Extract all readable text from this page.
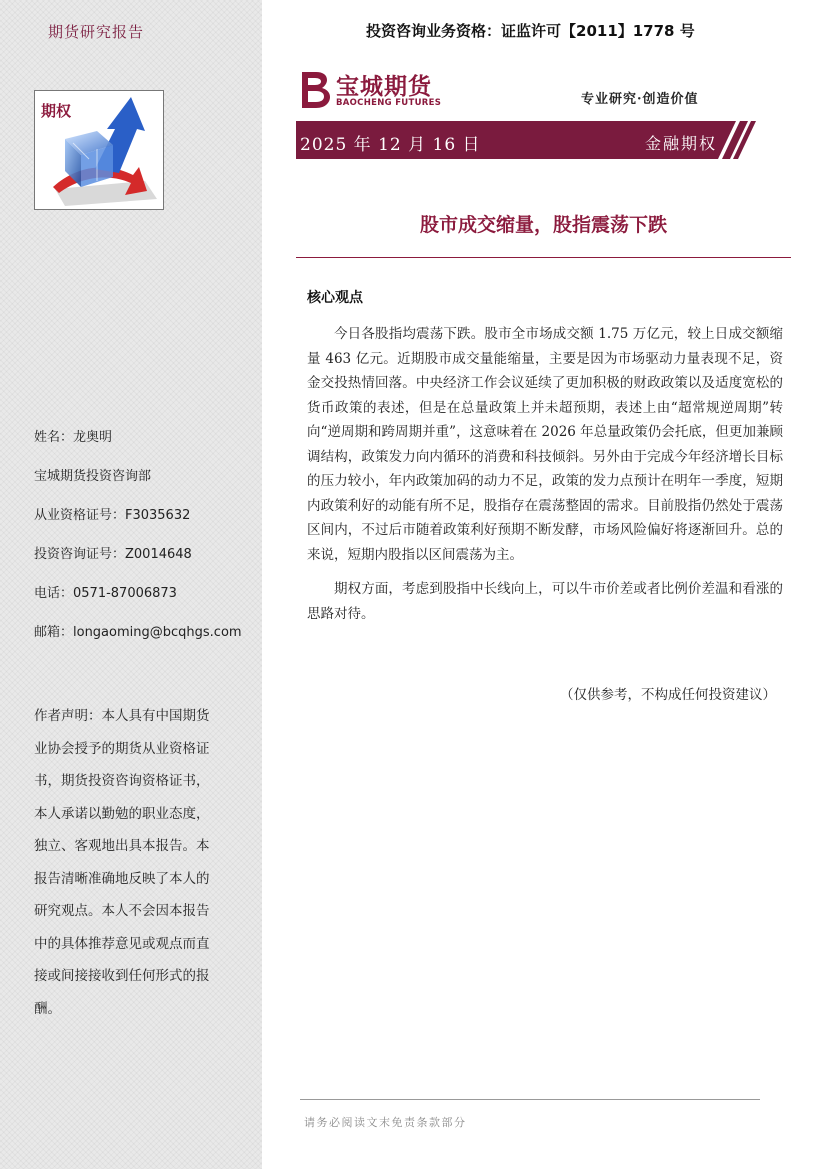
期货研究报告
期权
姓名：龙奥明
宝城期货投资咨询部
从业资格证号：F3035632
投资咨询证号：Z0014648
电话：0571-87006873
邮箱：longaoming@bcqhgs.com
作者声明：本人具有中国期货
业协会授予的期货从业资格证
书，期货投资咨询资格证书，
本人承诺以勤勉的职业态度，
独立、客观地出具本报告。本
报告清晰准确地反映了本人的
研究观点。本人不会因本报告
中的具体推荐意见或观点而直
接或间接接收到任何形式的报
酬。
投资咨询业务资格：证监许可【2011】1778 号
宝城期货
BAOCHENG FUTURES	专业研究·创造价值
2025 年 12 月 16 日	金融期权
股市成交缩量，股指震荡下跌
核心观点

今日各股指均震荡下跌。股市全市场成交额 1.75 万亿元，较上日成交额缩量 463 亿元。近期股市成交量能缩量，主要是因为市场驱动力量表现不足，资金交投热情回落。中央经济工作会议延续了更加积极的财政政策以及适度宽松的货币政策的表述，但是在总量政策上并未超预期，表述上由“超常规逆周期”转向“逆周期和跨周期并重”，这意味着在 2026 年总量政策仍会托底，但更加兼顾调结构，政策发力向内循环的消费和科技倾斜。另外由于完成今年经济增长目标的压力较小，年内政策加码的动力不足，政策的发力点预计在明年一季度，短期内政策利好的动能有所不足，股指存在震荡整固的需求。目前股指仍然处于震荡区间内，不过后市随着政策利好预期不断发酵，市场风险偏好将逐渐回升。总的来说，短期内股指以区间震荡为主。

期权方面，考虑到股指中长线向上，可以牛市价差或者比例价差温和看涨的思路对待。

（仅供参考，不构成任何投资建议）
请务必阅读文末免责条款部分
